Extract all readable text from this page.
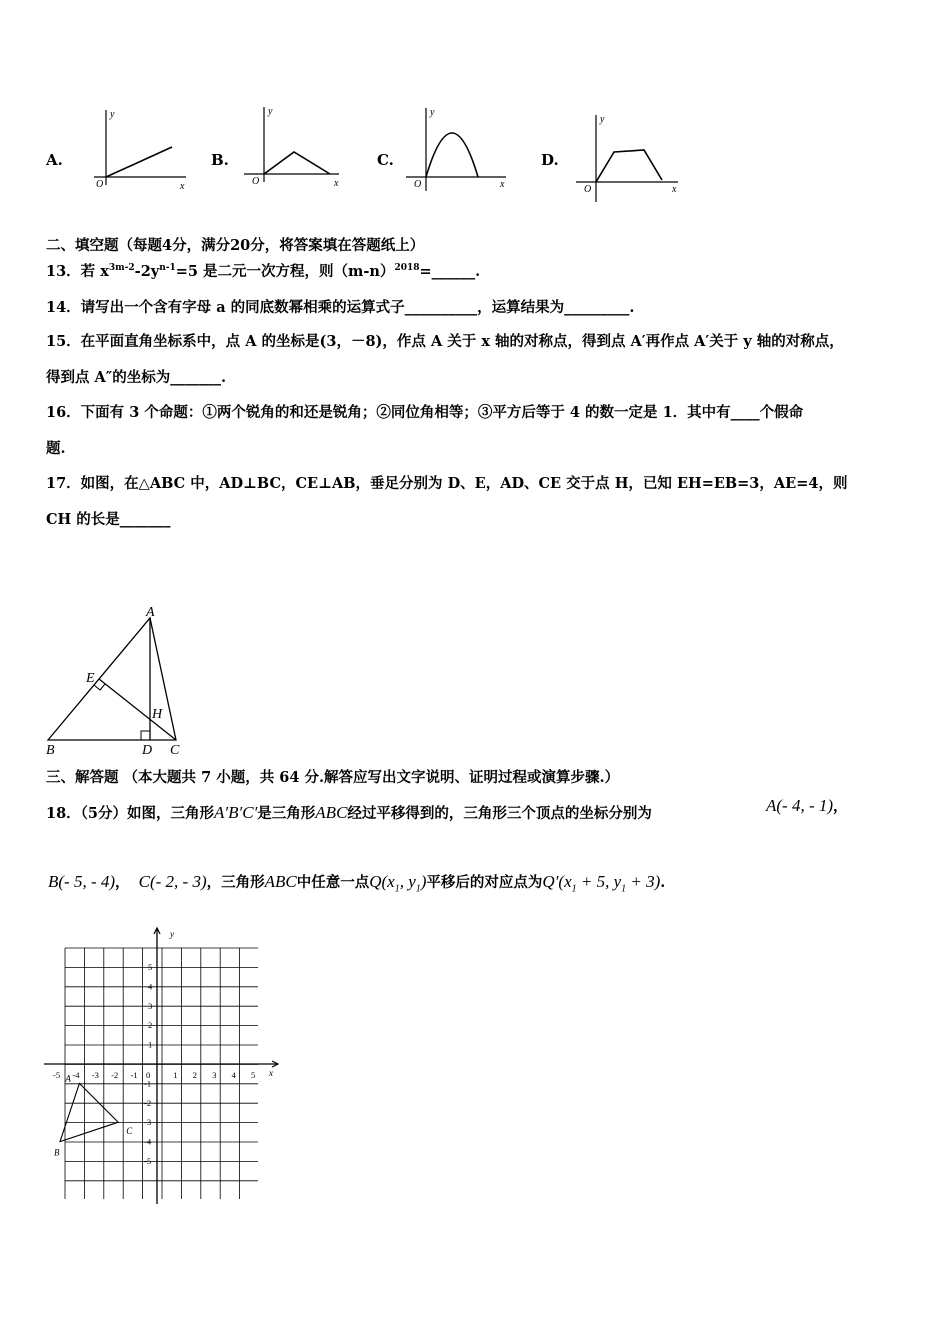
A.
y
O	x
B.
y
O	x
C.
y
O	x
D.
y
O	x
二、填空题（每题4分，满分20分，将答案填在答题纸上）
13．若 $x^{3m-2}-2y^{n-1}=5$ 是二元一次方程，则$(m-n)^{2018}=\_\_\_\_\_\_$.
14．请写出一个含有字母 a 的同底数幂相乘的运算式子__________，运算结果为_________.
15．在平面直角坐标系中，点 A 的坐标是(3，－8)，作点 A 关于 x 轴的对称点，得到点 A′再作点 A′关于 y 轴的对称点，
得到点 A″的坐标为_______.
16．下面有 3 个命题：①两个锐角的和还是锐角；②同位角相等；③平方后等于 4 的数一定是 1．其中有____个假命
题.
17．如图，在△ABC 中，AD⊥BC，CE⊥AB，垂足分别为 D、E，AD、CE 交于点 H，已知 EH=EB=3，AE=4，则
CH 的长是_______
A
B	C
D
E
H
三、解答题 （本大题共 7 小题，共 64 分.解答应写出文字说明、证明过程或演算步骤.）
18．（5分）如图，三角形A′B′C′是三角形ABC经过平移得到的，三角形三个顶点的坐标分别为	A(- 4, - 1)，
B(- 5, - 4)， C(- 2, - 3)，三角形ABC中任意一点$Q(x_1$, $y_1$)平移后的对应点为$Q'(x_1 + 5$, $y_1 + 3$).
x
y
-5 -4 -3 -2 -1 0	1 2 3 4 5
5
4
3
2
1
-1
-2
-3
-4
-5
A
B
C
